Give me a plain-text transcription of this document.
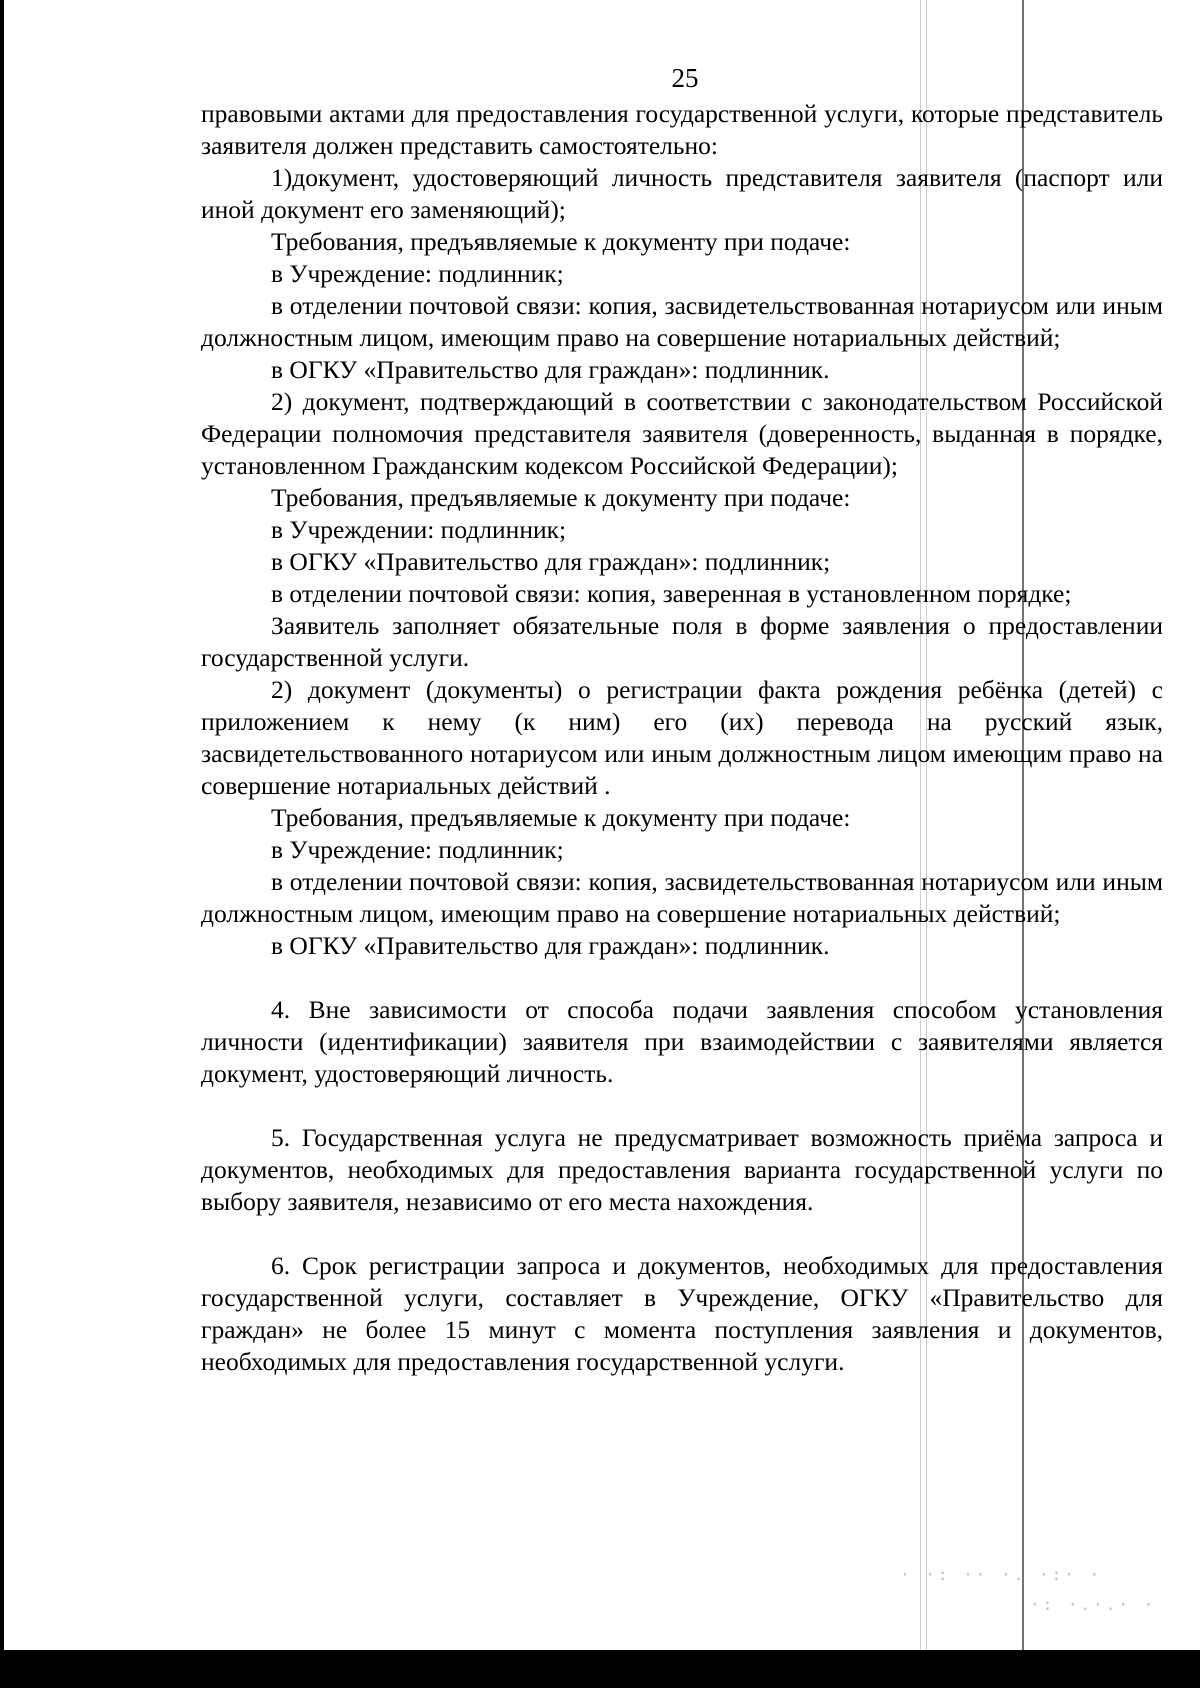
25

правовыми актами для предоставления государственной услуги, которые представитель заявителя должен представить самостоятельно:

1)документ, удостоверяющий личность представителя заявителя (паспорт или иной документ его заменяющий);

Требования, предъявляемые к документу при подаче:

в Учреждение: подлинник;

в отделении почтовой связи: копия, засвидетельствованная нотариусом или иным должностным лицом, имеющим право на совершение нотариальных действий;

в ОГКУ «Правительство для граждан»: подлинник.

2) документ, подтверждающий в соответствии с законодательством Российской Федерации полномочия представителя заявителя (доверенность, выданная в порядке, установленном Гражданским кодексом Российской Федерации);

Требования, предъявляемые к документу при подаче:

в Учреждении: подлинник;

в ОГКУ «Правительство для граждан»: подлинник;

в отделении почтовой связи: копия, заверенная в установленном порядке;

Заявитель заполняет обязательные поля в форме заявления о предоставлении государственной услуги.

2) документ (документы) о регистрации факта рождения ребёнка (детей) с приложением к нему (к ним) его (их) перевода на русский язык, засвидетельствованного нотариусом или иным должностным лицом имеющим право на совершение нотариальных действий .

Требования, предъявляемые к документу при подаче:

в Учреждение: подлинник;

в отделении почтовой связи: копия, засвидетельствованная нотариусом или иным должностным лицом, имеющим право на совершение нотариальных действий;

в ОГКУ «Правительство для граждан»: подлинник.

4. Вне зависимости от способа подачи заявления способом установления личности (идентификации) заявителя при взаимодействии с заявителями является документ, удостоверяющий личность.

5. Государственная услуга не предусматривает возможность приёма запроса и документов, необходимых для предоставления варианта государственной услуги по выбору заявителя, независимо от его места нахождения.

6. Срок регистрации запроса и документов, необходимых для предоставления государственной услуги, составляет в Учреждение, ОГКУ «Правительство для граждан» не более 15 минут с момента поступления заявления и документов, необходимых для предоставления государственной услуги.

· ·: ·· ·. ·:· ·
·: ·.·.· ·
